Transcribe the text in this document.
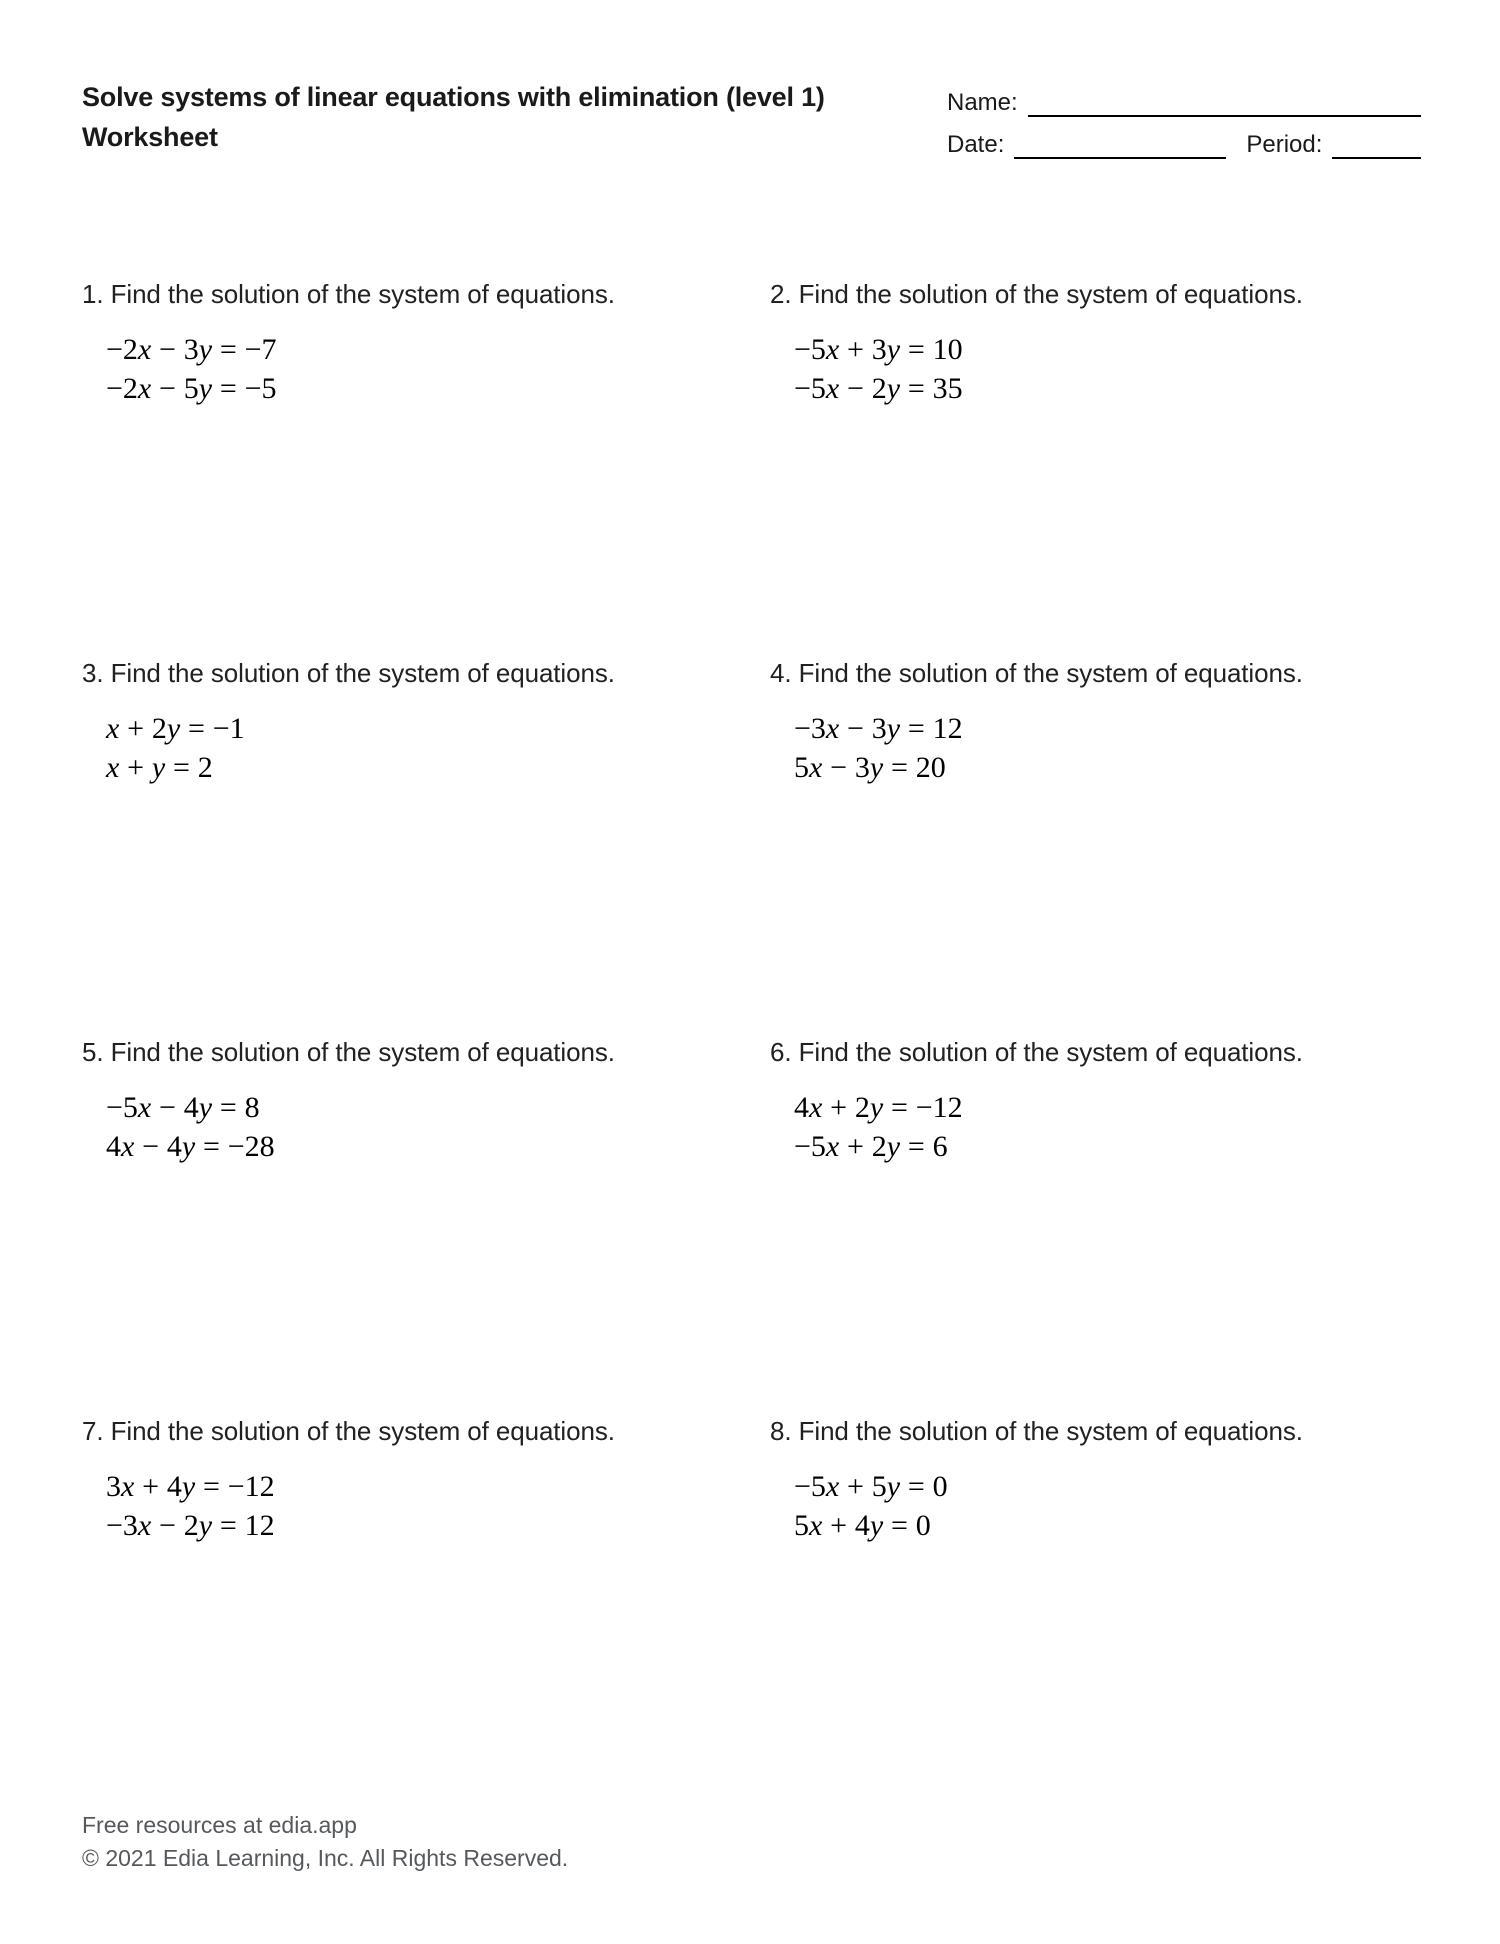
Solve systems of linear equations with elimination (level 1)
Worksheet
Name:
Date:	Period:
1. Find the solution of the system of equations.
−2x − 3y = −7
−2x − 5y = −5
2. Find the solution of the system of equations.
−5x + 3y = 10
−5x − 2y = 35
3. Find the solution of the system of equations.
x + 2y = −1
x + y = 2
4. Find the solution of the system of equations.
−3x − 3y = 12
5x − 3y = 20
5. Find the solution of the system of equations.
−5x − 4y = 8
4x − 4y = −28
6. Find the solution of the system of equations.
4x + 2y = −12
−5x + 2y = 6
7. Find the solution of the system of equations.
3x + 4y = −12
−3x − 2y = 12
8. Find the solution of the system of equations.
−5x + 5y = 0
5x + 4y = 0
Free resources at edia.app
© 2021 Edia Learning, Inc. All Rights Reserved.
